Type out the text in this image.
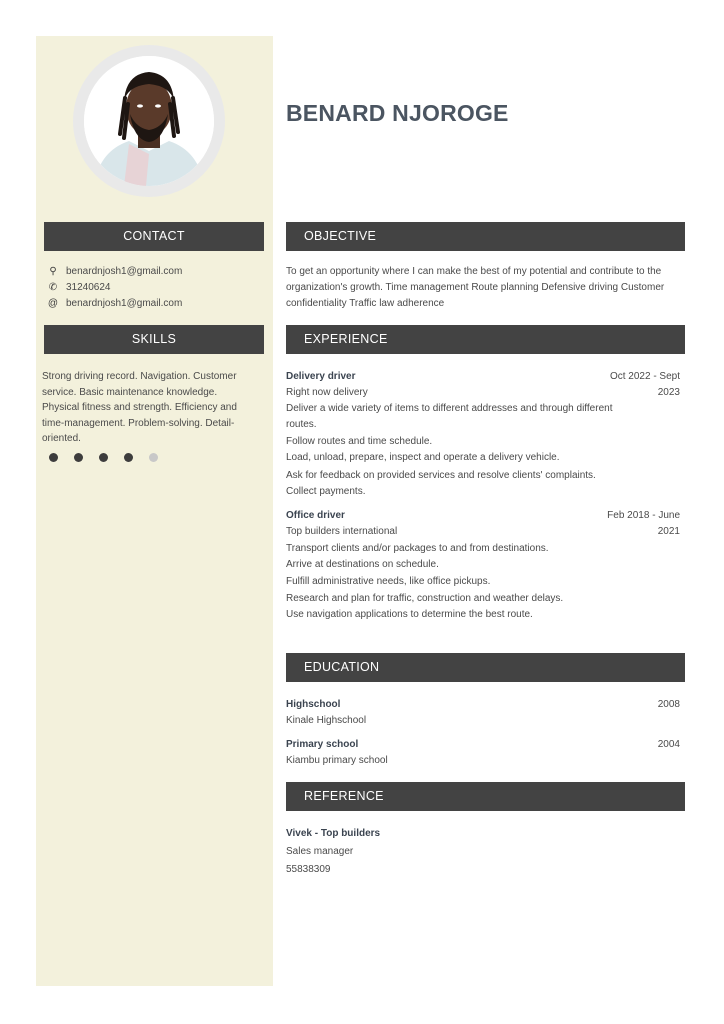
BENARD NJOROGE
CONTACT
⚲ benardnjosh1@gmail.com
✆ 31240624
@ benardnjosh1@gmail.com
SKILLS
Strong driving record. Navigation. Customer service. Basic maintenance knowledge. Physical fitness and strength. Efficiency and time-management. Problem-solving. Detail-oriented.
OBJECTIVE
To get an opportunity where I can make the best of my potential and contribute to the organization's growth. Time management Route planning Defensive driving Customer confidentiality Traffic law adherence
EXPERIENCE
Delivery driver	Oct 2022 - Sept
2023
Right now delivery
Deliver a wide variety of items to different addresses and through different routes.
Follow routes and time schedule.
Load, unload, prepare, inspect and operate a delivery vehicle.
Ask for feedback on provided services and resolve clients' complaints.
Collect payments.
Office driver	Feb 2018 - June
2021
Top builders international
Transport clients and/or packages to and from destinations.
Arrive at destinations on schedule.
Fulfill administrative needs, like office pickups.
Research and plan for traffic, construction and weather delays.
Use navigation applications to determine the best route.
EDUCATION
Highschool	2008
Kinale Highschool
Primary school	2004
Kiambu primary school
REFERENCE
Vivek - Top builders
Sales manager
55838309
